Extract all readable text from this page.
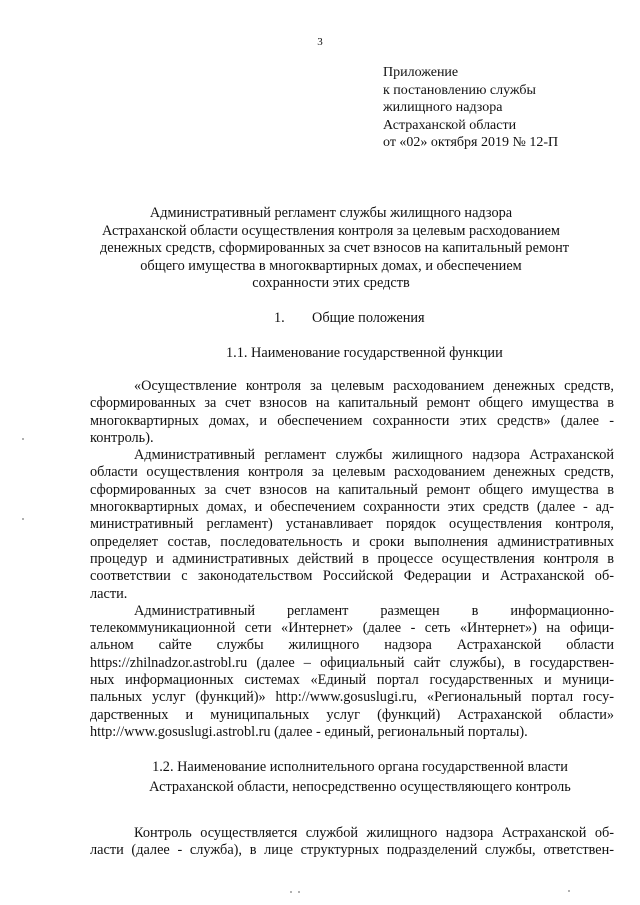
3
Приложение
к постановлению службы
жилищного надзора
Астраханской области
от «02» октября 2019 № 12-П
Административный регламент службы жилищного надзора
Астраханской области осуществления контроля за целевым расходованием
денежных средств, сформированных за счет взносов на капитальный ремонт
общего имущества в многоквартирных домах, и обеспечением
сохранности этих средств
1. Общие положения
1.1. Наименование государственной функции
«Осуществление контроля за целевым расходованием денежных средств,
сформированных за счет взносов на капитальный ремонт общего имущества в
многоквартирных домах, и обеспечением сохранности этих средств» (далее -
контроль).
Административный регламент службы жилищного надзора Астраханской
области осуществления контроля за целевым расходованием денежных средств,
сформированных за счет взносов на капитальный ремонт общего имущества в
многоквартирных домах, и обеспечением сохранности этих средств (далее - ад-
министративный регламент) устанавливает порядок осуществления контроля,
определяет состав, последовательность и сроки выполнения административных
процедур и административных действий в процессе осуществления контроля в
соответствии с законодательством Российской Федерации и Астраханской об-
ласти.
Административный регламент размещен в информационно-
телекоммуникационной сети «Интернет» (далее - сеть «Интернет») на офици-
альном сайте службы жилищного надзора Астраханской области
https://zhilnadzor.astrobl.ru (далее – официальный сайт службы), в государствен-
ных информационных системах «Единый портал государственных и муници-
пальных услуг (функций)» http://www.gosuslugi.ru, «Региональный портал госу-
дарственных и муниципальных услуг (функций) Астраханской области»
http://www.gosuslugi.astrobl.ru (далее - единый, региональный порталы).
1.2. Наименование исполнительного органа государственной власти
Астраханской области, непосредственно осуществляющего контроль
Контроль осуществляется службой жилищного надзора Астраханской об-
ласти (далее - служба), в лице структурных подразделений службы, ответствен-
